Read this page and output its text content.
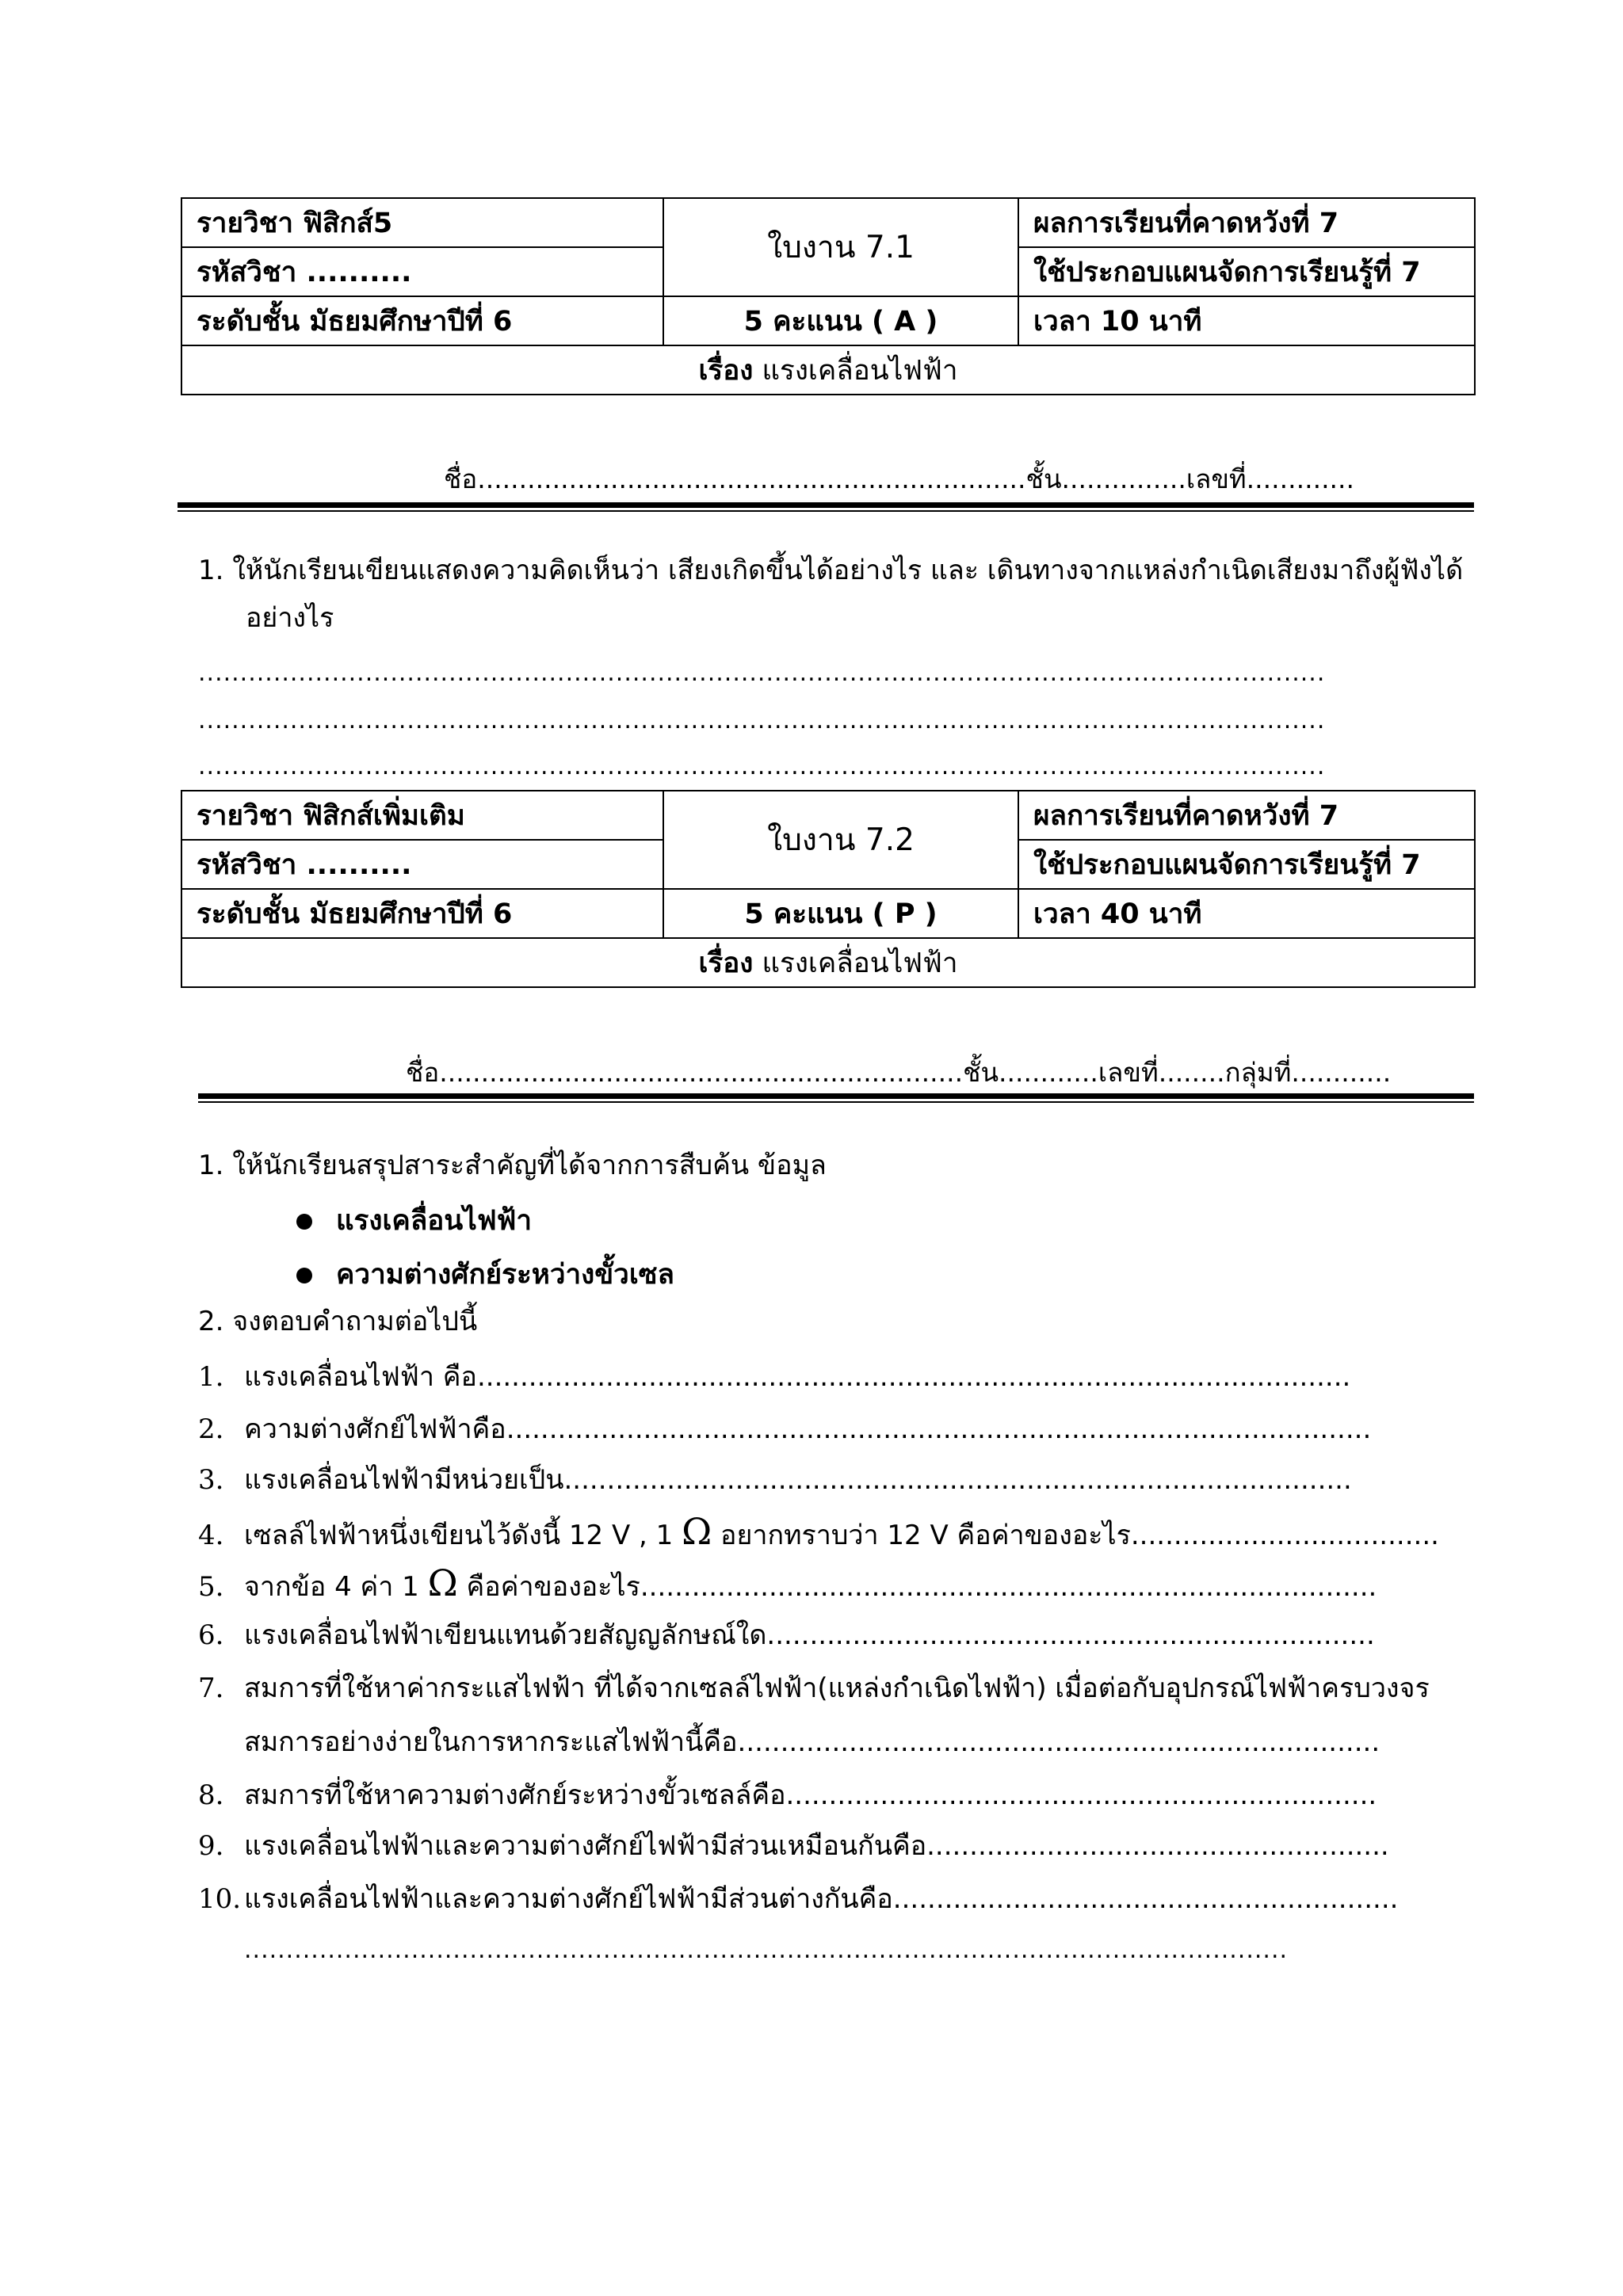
รายวิชา ฟิสิกส์5	ใบงาน 7.1	ผลการเรียนที่คาดหวังที่ 7
รหัสวิชา ..........		ใช้ประกอบแผนจัดการเรียนรู้ที่ 7
ระดับชั้น มัธยมศึกษาปีที่ 6	5 คะแนน ( A )	เวลา 10 นาที
เรื่อง แรงเคลื่อนไฟฟ้า		
ชื่อ..................................................................ชั้น...............เลขที่.............
1. ให้นักเรียนเขียนแสดงความคิดเห็นว่า เสียงเกิดขึ้นได้อย่างไร และ เดินทางจากแหล่งกำเนิดเสียงมาถึงผู้ฟังได้
อย่างไร
.......................................................................................................................................
.......................................................................................................................................
.......................................................................................................................................
รายวิชา ฟิสิกส์เพิ่มเติม	ใบงาน 7.2	ผลการเรียนที่คาดหวังที่ 7
รหัสวิชา ..........		ใช้ประกอบแผนจัดการเรียนรู้ที่ 7
ระดับชั้น มัธยมศึกษาปีที่ 6	5 คะแนน ( P )	เวลา 40 นาที
เรื่อง แรงเคลื่อนไฟฟ้า		
ชื่อ...............................................................ชั้น............เลขที่........กลุ่มที่............
1. ให้นักเรียนสรุปสาระสำคัญที่ได้จากการสืบค้น ข้อมูล
แรงเคลื่อนไฟฟ้า
ความต่างศักย์ระหว่างขั้วเซล
2. จงตอบคำถามต่อไปนี้
1. แรงเคลื่อนไฟฟ้า คือ......................................................................................................
2. ความต่างศักย์ไฟฟ้าคือ.....................................................................................................
3. แรงเคลื่อนไฟฟ้ามีหน่วยเป็น............................................................................................
4. เซลล์ไฟฟ้าหนึ่งเขียนไว้ดังนี้ 12 V , 1 Ω อยากทราบว่า 12 V คือค่าของอะไร....................................
5. จากข้อ 4 ค่า 1 Ω คือค่าของอะไร......................................................................................
6. แรงเคลื่อนไฟฟ้าเขียนแทนด้วยสัญญลักษณ์ใด.......................................................................
7. สมการที่ใช้หาค่ากระแสไฟฟ้า ที่ได้จากเซลล์ไฟฟ้า(แหล่งกำเนิดไฟฟ้า) เมื่อต่อกับอุปกรณ์ไฟฟ้าครบวงจร
สมการอย่างง่ายในการหากระแสไฟฟ้านี้คือ...........................................................................
8. สมการที่ใช้หาความต่างศักย์ระหว่างขั้วเซลล์คือ.....................................................................
9. แรงเคลื่อนไฟฟ้าและความต่างศักย์ไฟฟ้ามีส่วนเหมือนกันคือ......................................................
10. แรงเคลื่อนไฟฟ้าและความต่างศักย์ไฟฟ้ามีส่วนต่างกันคือ...........................................................
.............................................................................................................................
